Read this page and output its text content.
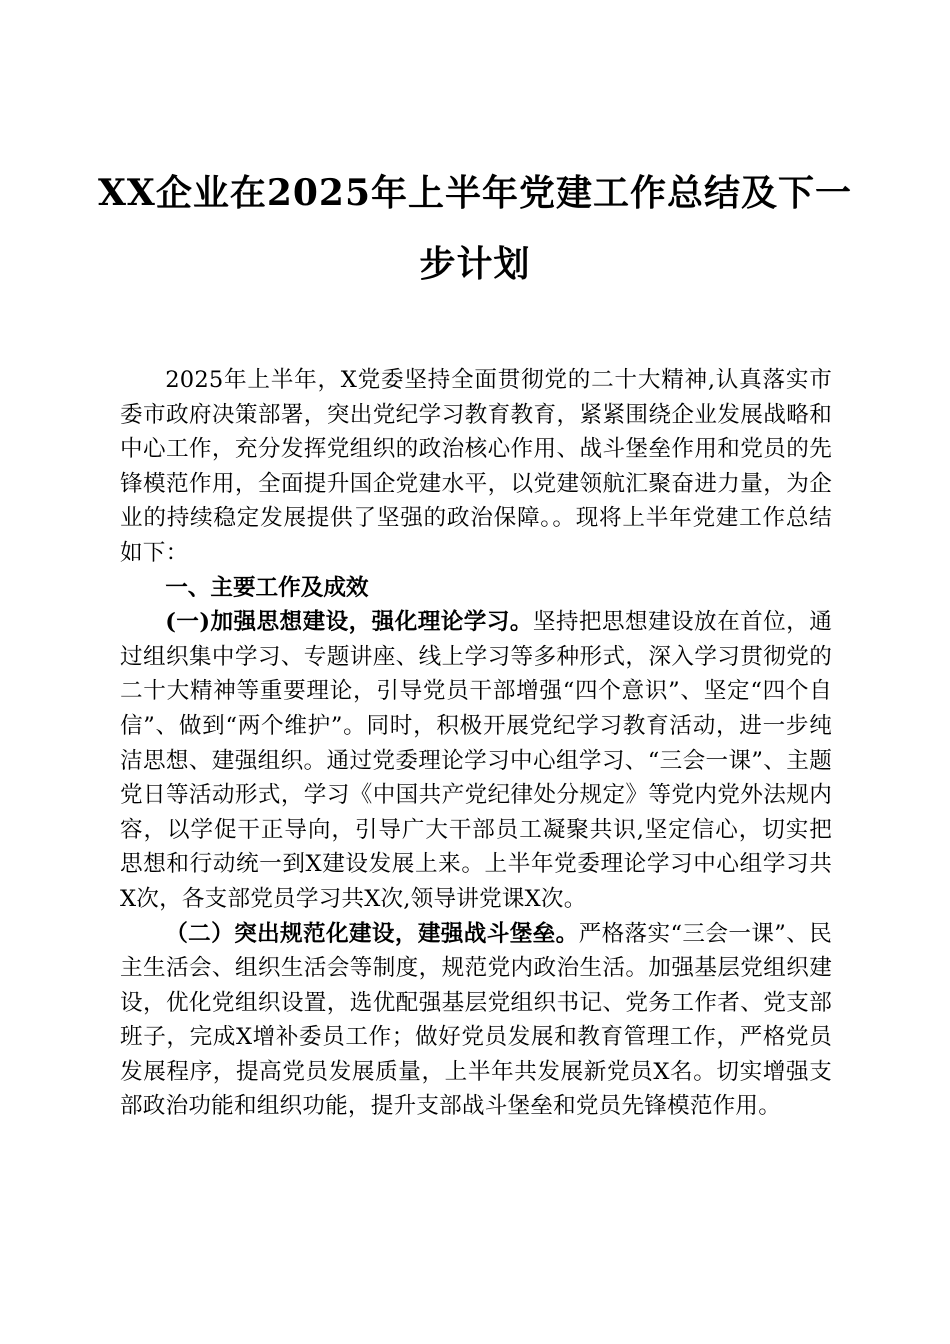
XX企业在2025年上半年党建工作总结及下一
步计划

2025年上半年，X党委坚持全面贯彻党的二十大精神,认真落实市委市政府决策部署，突出党纪学习教育教育，紧紧围绕企业发展战略和中心工作，充分发挥党组织的政治核心作用、战斗堡垒作用和党员的先锋模范作用，全面提升国企党建水平，以党建领航汇聚奋进力量，为企业的持续稳定发展提供了坚强的政治保障。。现将上半年党建工作总结如下：

一、主要工作及成效

(一)加强思想建设，强化理论学习。坚持把思想建设放在首位，通过组织集中学习、专题讲座、线上学习等多种形式，深入学习贯彻党的二十大精神等重要理论，引导党员干部增强“四个意识”、坚定“四个自信”、做到“两个维护”。同时，积极开展党纪学习教育活动，进一步纯洁思想、建强组织。通过党委理论学习中心组学习、“三会一课”、主题党日等活动形式，学习《中国共产党纪律处分规定》等党内党外法规内容，以学促干正导向，引导广大干部员工凝聚共识,坚定信心，切实把思想和行动统一到X建设发展上来。上半年党委理论学习中心组学习共X次，各支部党员学习共X次,领导讲党课X次。

（二）突出规范化建设，建强战斗堡垒。严格落实“三会一课”、民主生活会、组织生活会等制度，规范党内政治生活。加强基层党组织建设，优化党组织设置，选优配强基层党组织书记、党务工作者、党支部班子，完成X增补委员工作；做好党员发展和教育管理工作，严格党员发展程序，提高党员发展质量，上半年共发展新党员X名。切实增强支部政治功能和组织功能，提升支部战斗堡垒和党员先锋模范作用。
